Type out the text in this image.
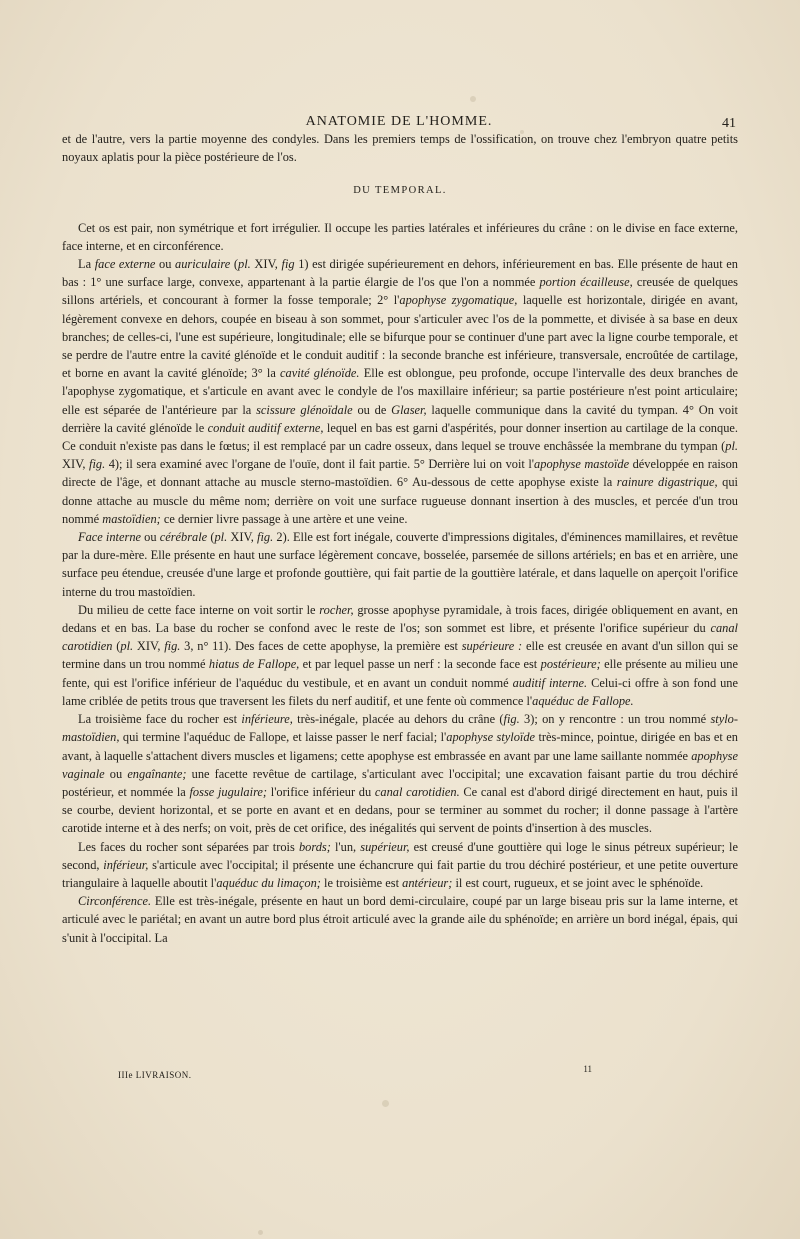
ANATOMIE DE L'HOMME.	41

et de l'autre, vers la partie moyenne des condyles. Dans les premiers temps de l'ossification, on trouve chez l'embryon quatre petits noyaux aplatis pour la pièce postérieure de l'os.

DU TEMPORAL.

Cet os est pair, non symétrique et fort irrégulier. Il occupe les parties latérales et inférieures du crâne : on le divise en face externe, face interne, et en circonférence.

La face externe ou auriculaire (pl. XIV, fig 1) est dirigée supérieurement en dehors, inférieurement en bas. Elle présente de haut en bas : 1° une surface large, convexe, appartenant à la partie élargie de l'os que l'on a nommée portion écailleuse, creusée de quelques sillons artériels, et concourant à former la fosse temporale; 2° l'apophyse zygomatique, laquelle est horizontale, dirigée en avant, légèrement convexe en dehors, coupée en biseau à son sommet, pour s'articuler avec l'os de la pommette, et divisée à sa base en deux branches; de celles-ci, l'une est supérieure, longitudinale; elle se bifurque pour se continuer d'une part avec la ligne courbe temporale, et se perdre de l'autre entre la cavité glénoïde et le conduit auditif : la seconde branche est inférieure, transversale, encroûtée de cartilage, et borne en avant la cavité glénoïde; 3° la cavité glénoïde. Elle est oblongue, peu profonde, occupe l'intervalle des deux branches de l'apophyse zygomatique, et s'articule en avant avec le condyle de l'os maxillaire inférieur; sa partie postérieure n'est point articulaire; elle est séparée de l'antérieure par la scissure glénoïdale ou de Glaser, laquelle communique dans la cavité du tympan. 4° On voit derrière la cavité glénoïde le conduit auditif externe, lequel en bas est garni d'aspérités, pour donner insertion au cartilage de la conque. Ce conduit n'existe pas dans le fœtus; il est remplacé par un cadre osseux, dans lequel se trouve enchâssée la membrane du tympan (pl. XIV, fig. 4); il sera examiné avec l'organe de l'ouïe, dont il fait partie. 5° Derrière lui on voit l'apophyse mastoïde développée en raison directe de l'âge, et donnant attache au muscle sterno-mastoïdien. 6° Au-dessous de cette apophyse existe la rainure digastrique, qui donne attache au muscle du même nom; derrière on voit une surface rugueuse donnant insertion à des muscles, et percée d'un trou nommé mastoïdien; ce dernier livre passage à une artère et une veine.

Face interne ou cérébrale (pl. XIV, fig. 2). Elle est fort inégale, couverte d'impressions digitales, d'éminences mamillaires, et revêtue par la dure-mère. Elle présente en haut une surface légèrement concave, bosselée, parsemée de sillons artériels; en bas et en arrière, une surface peu étendue, creusée d'une large et profonde gouttière, qui fait partie de la gouttière latérale, et dans laquelle on aperçoit l'orifice interne du trou mastoïdien.

Du milieu de cette face interne on voit sortir le rocher, grosse apophyse pyramidale, à trois faces, dirigée obliquement en avant, en dedans et en bas. La base du rocher se confond avec le reste de l'os; son sommet est libre, et présente l'orifice supérieur du canal carotidien (pl. XIV, fig. 3, n° 11). Des faces de cette apophyse, la première est supérieure : elle est creusée en avant d'un sillon qui se termine dans un trou nommé hiatus de Fallope, et par lequel passe un nerf : la seconde face est postérieure; elle présente au milieu une fente, qui est l'orifice inférieur de l'aquéduc du vestibule, et en avant un conduit nommé auditif interne. Celui-ci offre à son fond une lame criblée de petits trous que traversent les filets du nerf auditif, et une fente où commence l'aquéduc de Fallope.

La troisième face du rocher est inférieure, très-inégale, placée au dehors du crâne (fig. 3); on y rencontre : un trou nommé stylo-mastoïdien, qui termine l'aquéduc de Fallope, et laisse passer le nerf facial; l'apophyse styloïde très-mince, pointue, dirigée en bas et en avant, à laquelle s'attachent divers muscles et ligamens; cette apophyse est embrassée en avant par une lame saillante nommée apophyse vaginale ou engaînante; une facette revêtue de cartilage, s'articulant avec l'occipital; une excavation faisant partie du trou déchiré postérieur, et nommée la fosse jugulaire; l'orifice inférieur du canal carotidien. Ce canal est d'abord dirigé directement en haut, puis il se courbe, devient horizontal, et se porte en avant et en dedans, pour se terminer au sommet du rocher; il donne passage à l'artère carotide interne et à des nerfs; on voit, près de cet orifice, des inégalités qui servent de points d'insertion à des muscles.

Les faces du rocher sont séparées par trois bords; l'un, supérieur, est creusé d'une gouttière qui loge le sinus pétreux supérieur; le second, inférieur, s'articule avec l'occipital; il présente une échancrure qui fait partie du trou déchiré postérieur, et une petite ouverture triangulaire à laquelle aboutit l'aquéduc du limaçon; le troisième est antérieur; il est court, rugueux, et se joint avec le sphénoïde.

Circonférence. Elle est très-inégale, présente en haut un bord demi-circulaire, coupé par un large biseau pris sur la lame interne, et articulé avec le pariétal; en avant un autre bord plus étroit articulé avec la grande aile du sphénoïde; en arrière un bord inégal, épais, qui s'unit à l'occipital. La

IIIe LIVRAISON.
11
